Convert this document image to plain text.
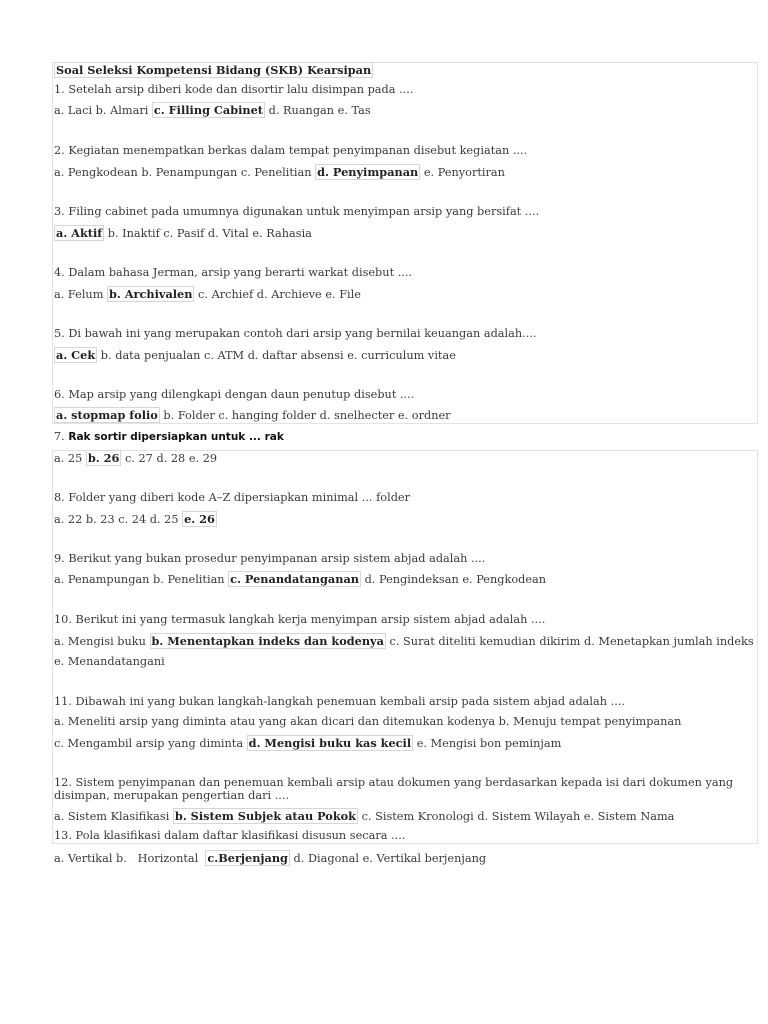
Soal Seleksi Kompetensi Bidang (SKB) Kearsipan
1. Setelah arsip diberi kode dan disortir lalu disimpan pada ....
a. Laci b. Almari c. Filling Cabinet d. Ruangan e. Tas
2. Kegiatan menempatkan berkas dalam tempat penyimpanan disebut kegiatan ....
a. Pengkodean b. Penampungan c. Penelitian d. Penyimpanan e. Penyortiran
3. Filing cabinet pada umumnya digunakan untuk menyimpan arsip yang bersifat ....
a. Aktif b. Inaktif c. Pasif d. Vital e. Rahasia
4. Dalam bahasa Jerman, arsip yang berarti warkat disebut ....
a. Felum b. Archivalen c. Archief d. Archieve e. File
5. Di bawah ini yang merupakan contoh dari arsip yang bernilai keuangan adalah....
a. Cek b. data penjualan c. ATM d. daftar absensi e. curriculum vitae
6. Map arsip yang dilengkapi dengan daun penutup disebut ....
a. stopmap folio b. Folder c. hanging folder d. snelhecter e. ordner
7. Rak sortir dipersiapkan untuk ... rak
a. 25 b. 26 c. 27 d. 28 e. 29
8. Folder yang diberi kode A–Z dipersiapkan minimal ... folder
a. 22 b. 23 c. 24 d. 25 e. 26
9. Berikut yang bukan prosedur penyimpanan arsip sistem abjad adalah ....
a. Penampungan b. Penelitian c. Penandatanganan d. Pengindeksan e. Pengkodean
10. Berikut ini yang termasuk langkah kerja menyimpan arsip sistem abjad adalah ....
a. Mengisi buku b. Menentapkan indeks dan kodenya c. Surat diteliti kemudian dikirim d. Menetapkan jumlah indeks
e. Menandatangani
11. Dibawah ini yang bukan langkah-langkah penemuan kembali arsip pada sistem abjad adalah ....
a. Meneliti arsip yang diminta atau yang akan dicari dan ditemukan kodenya b. Menuju tempat penyimpanan
c. Mengambil arsip yang diminta d. Mengisi buku kas kecil e. Mengisi bon peminjam
12. Sistem penyimpanan dan penemuan kembali arsip atau dokumen yang berdasarkan kepada isi dari dokumen yang disimpan, merupakan pengertian dari ....
a. Sistem Klasifikasi b. Sistem Subjek atau Pokok c. Sistem Kronologi d. Sistem Wilayah e. Sistem Nama
13. Pola klasifikasi dalam daftar klasifikasi disusun secara ....
a. Vertikal b.   Horizontal  c.Berjenjang d. Diagonal e. Vertikal berjenjang
